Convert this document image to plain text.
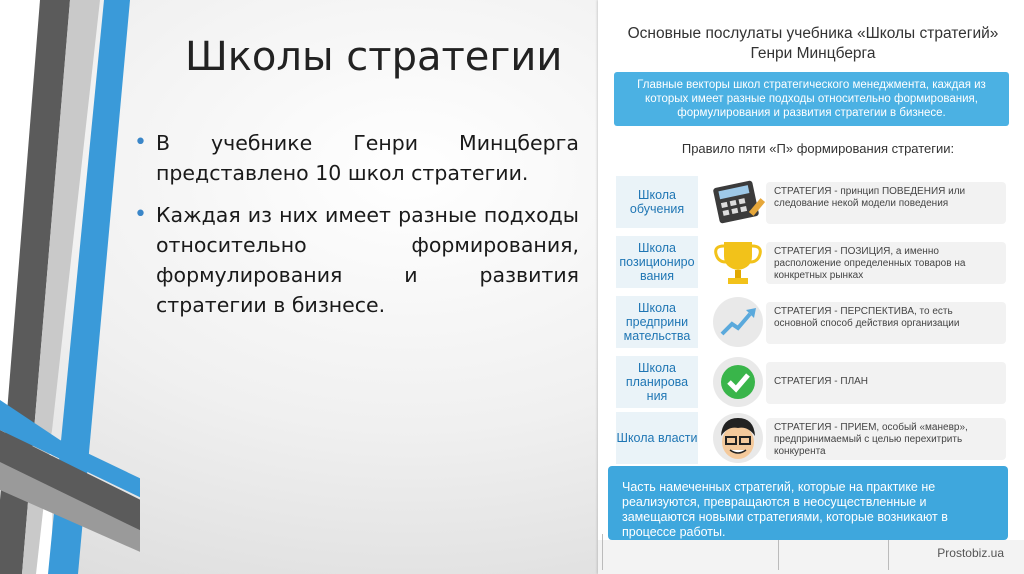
Школы стратегии
• В учебнике Генри Минцберга представлено 10 школ стратегии.
• Каждая из них имеет разные подходы относительно формирования, формулирования и развития стратегии в бизнесе.
Основные послулаты учебника «Школы стратегий» Генри Минцберга
Главные векторы школ стратегического менеджмента, каждая из которых имеет разные подходы относительно формирования, формулирования и развития стратегии в бизнесе.
Правило пяти «П» формирования стратегии:
Школа обучения
СТРАТЕГИЯ - принцип ПОВЕДЕНИЯ или следование некой модели поведения
Школа позициониро вания
СТРАТЕГИЯ - ПОЗИЦИЯ, а именно расположение определенных товаров на конкретных рынках
Школа предприни мательства
СТРАТЕГИЯ - ПЕРСПЕКТИВА, то есть основной способ действия организации
Школа планирова ния
СТРАТЕГИЯ - ПЛАН
Школа власти
СТРАТЕГИЯ - ПРИЕМ, особый «маневр», предпринимаемый с целью перехитрить конкурента
Часть намеченных стратегий, которые на практике не реализуются, превращаются в неосуществленные и замещаются новыми стратегиями, которые возникают в процессе работы.
Prostobiz.ua
